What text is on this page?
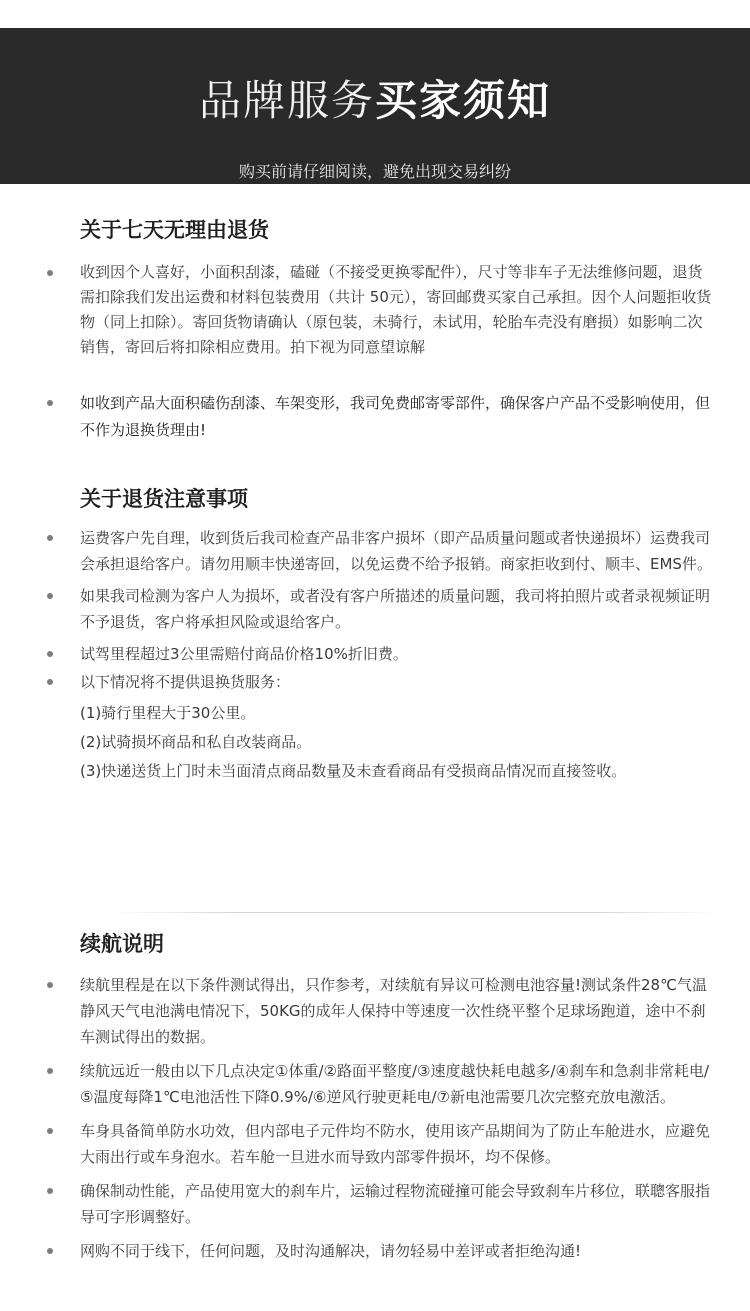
品牌服务买家须知
购买前请仔细阅读，避免出现交易纠纷
关于七天无理由退货
收到因个人喜好，小面积刮漆，磕碰（不接受更换零配件），尺寸等非车子无法维修问题，退货需扣除我们发出运费和材料包装费用（共计 50元），寄回邮费买家自己承担。因个人问题拒收货物（同上扣除）。寄回货物请确认（原包装，未骑行，未试用，轮胎车壳没有磨损）如影响二次销售，寄回后将扣除相应费用。拍下视为同意望谅解
如收到产品大面积磕伤刮漆、车架变形，我司免费邮寄零部件，确保客户产品不受影响使用，但不作为退换货理由!
关于退货注意事项
运费客户先自理，收到货后我司检查产品非客户损坏（即产品质量问题或者快递损坏）运费我司会承担退给客户。请勿用顺丰快递寄回，以免运费不给予报销。商家拒收到付、顺丰、EMS件。
如果我司检测为客户人为损坏，或者没有客户所描述的质量问题，我司将拍照片或者录视频证明不予退货，客户将承担风险或退给客户。
试驾里程超过3公里需赔付商品价格10%折旧费。
以下情况将不提供退换货服务：
(1)骑行里程大于30公里。
(2)试骑损坏商品和私自改装商品。
(3)快递送货上门时未当面清点商品数量及未查看商品有受损商品情况而直接签收。
续航说明
续航里程是在以下条件测试得出，只作参考，对续航有异议可检测电池容量!测试条件28℃气温静风天气电池满电情况下，50KG的成年人保持中等速度一次性绕平整个足球场跑道，途中不刹车测试得出的数据。
续航远近一般由以下几点决定①体重/②路面平整度/③速度越快耗电越多/④刹车和急刹非常耗电/⑤温度每降1℃电池活性下降0.9%/⑥逆风行驶更耗电/⑦新电池需要几次完整充放电激活。
车身具备简单防水功效，但内部电子元件均不防水，使用该产品期间为了防止车舱进水，应避免大雨出行或车身泡水。若车舱一旦进水而导致内部零件损坏，均不保修。
确保制动性能，产品使用宽大的刹车片，运输过程物流碰撞可能会导致刹车片移位，联聰客服指导可字形调整好。
网购不同于线下，任何问题，及时沟通解决，请勿轻易中差评或者拒绝沟通!
